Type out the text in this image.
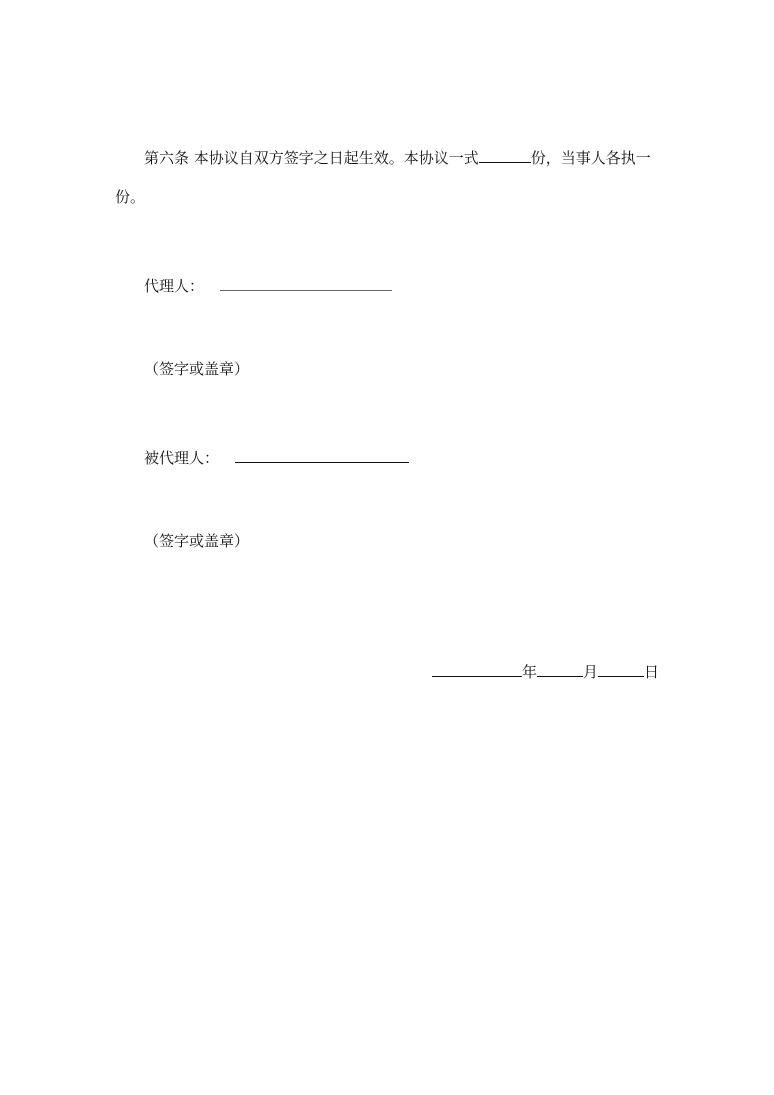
第六条 本协议自双方签字之日起生效。本协议一式	份，当事人各执一
份。
代理人：
（签字或盖章）
被代理人：
（签字或盖章）
年	月	日
